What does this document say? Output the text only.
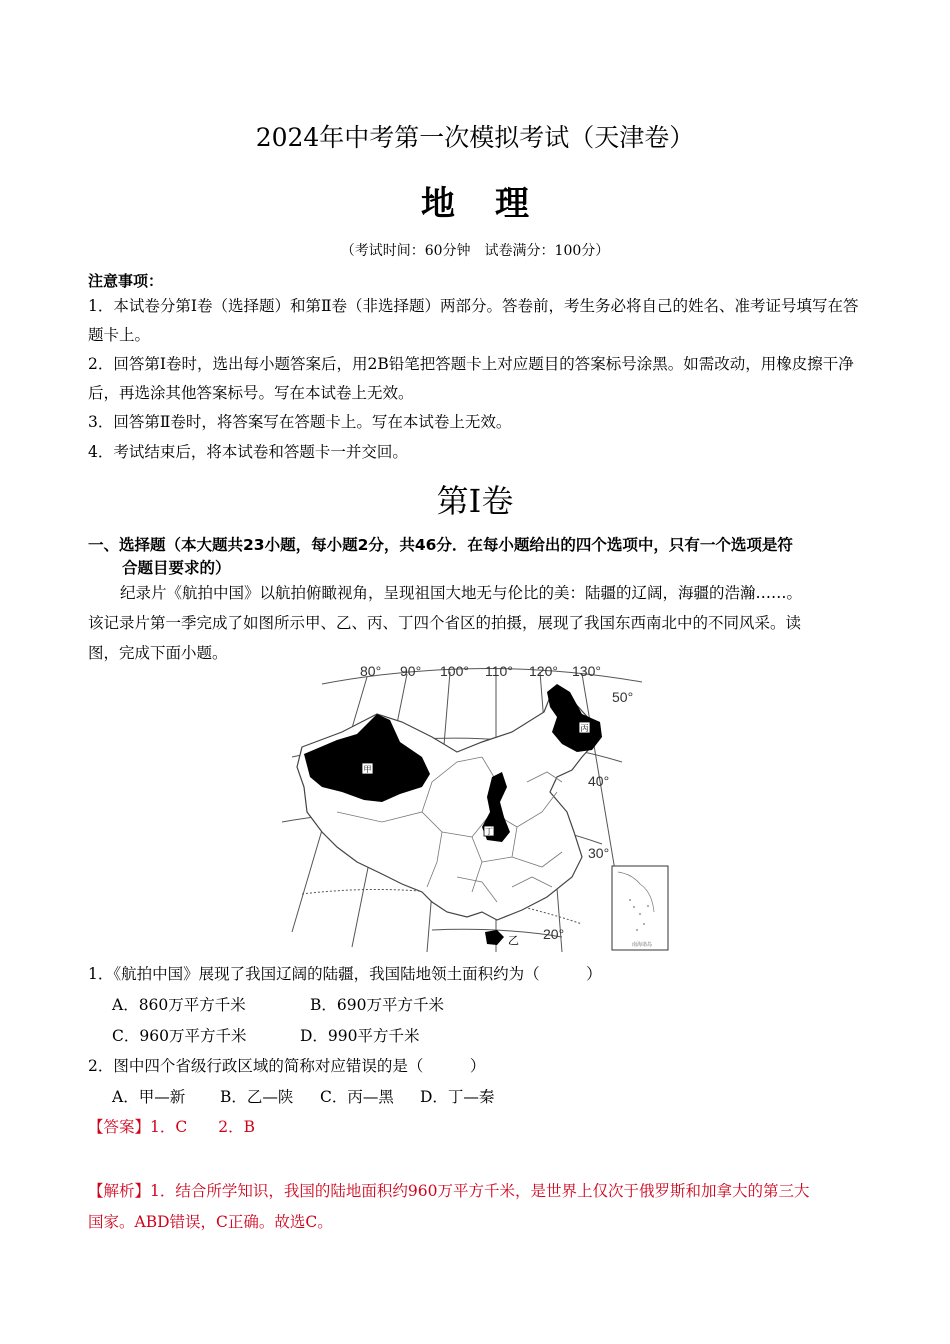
2024年中考第一次模拟考试（天津卷）
地理
（考试时间：60分钟　试卷满分：100分）
注意事项：
1．本试卷分第Ⅰ卷（选择题）和第Ⅱ卷（非选择题）两部分。答卷前，考生务必将自己的姓名、准考证号填写在答题卡上。
2．回答第Ⅰ卷时，选出每小题答案后，用2B铅笔把答题卡上对应题目的答案标号涂黑。如需改动，用橡皮擦干净后，再选涂其他答案标号。写在本试卷上无效。
3．回答第Ⅱ卷时，将答案写在答题卡上。写在本试卷上无效。
4．考试结束后，将本试卷和答题卡一并交回。
第Ⅰ卷
一、选择题（本大题共23小题，每小题2分，共46分．在每小题给出的四个选项中，只有一个选项是符
合题目要求的）
纪录片《航拍中国》以航拍俯瞰视角，呈现祖国大地无与伦比的美：陆疆的辽阔，海疆的浩瀚……。
该记录片第一季完成了如图所示甲、乙、丙、丁四个省区的拍摄，展现了我国东西南北中的不同风采。读
图，完成下面小题。
甲
丙
丁
乙
80° 90° 100° 110° 120° 130°
50°
40°
30°
20°
南海诸岛
1．《航拍中国》展现了我国辽阔的陆疆，我国陆地领土面积约为（　　　）
A．860万平方千米	B．690万平方千米
C．960万平方千米	D．990平方千米
2．图中四个省级行政区域的简称对应错误的是（　　　）
A．甲—新 B．乙—陕 C．丙—黑 D．丁—秦
【答案】1．C　　2．B
【解析】1．结合所学知识，我国的陆地面积约960万平方千米，是世界上仅次于俄罗斯和加拿大的第三大
国家。ABD错误，C正确。故选C。
